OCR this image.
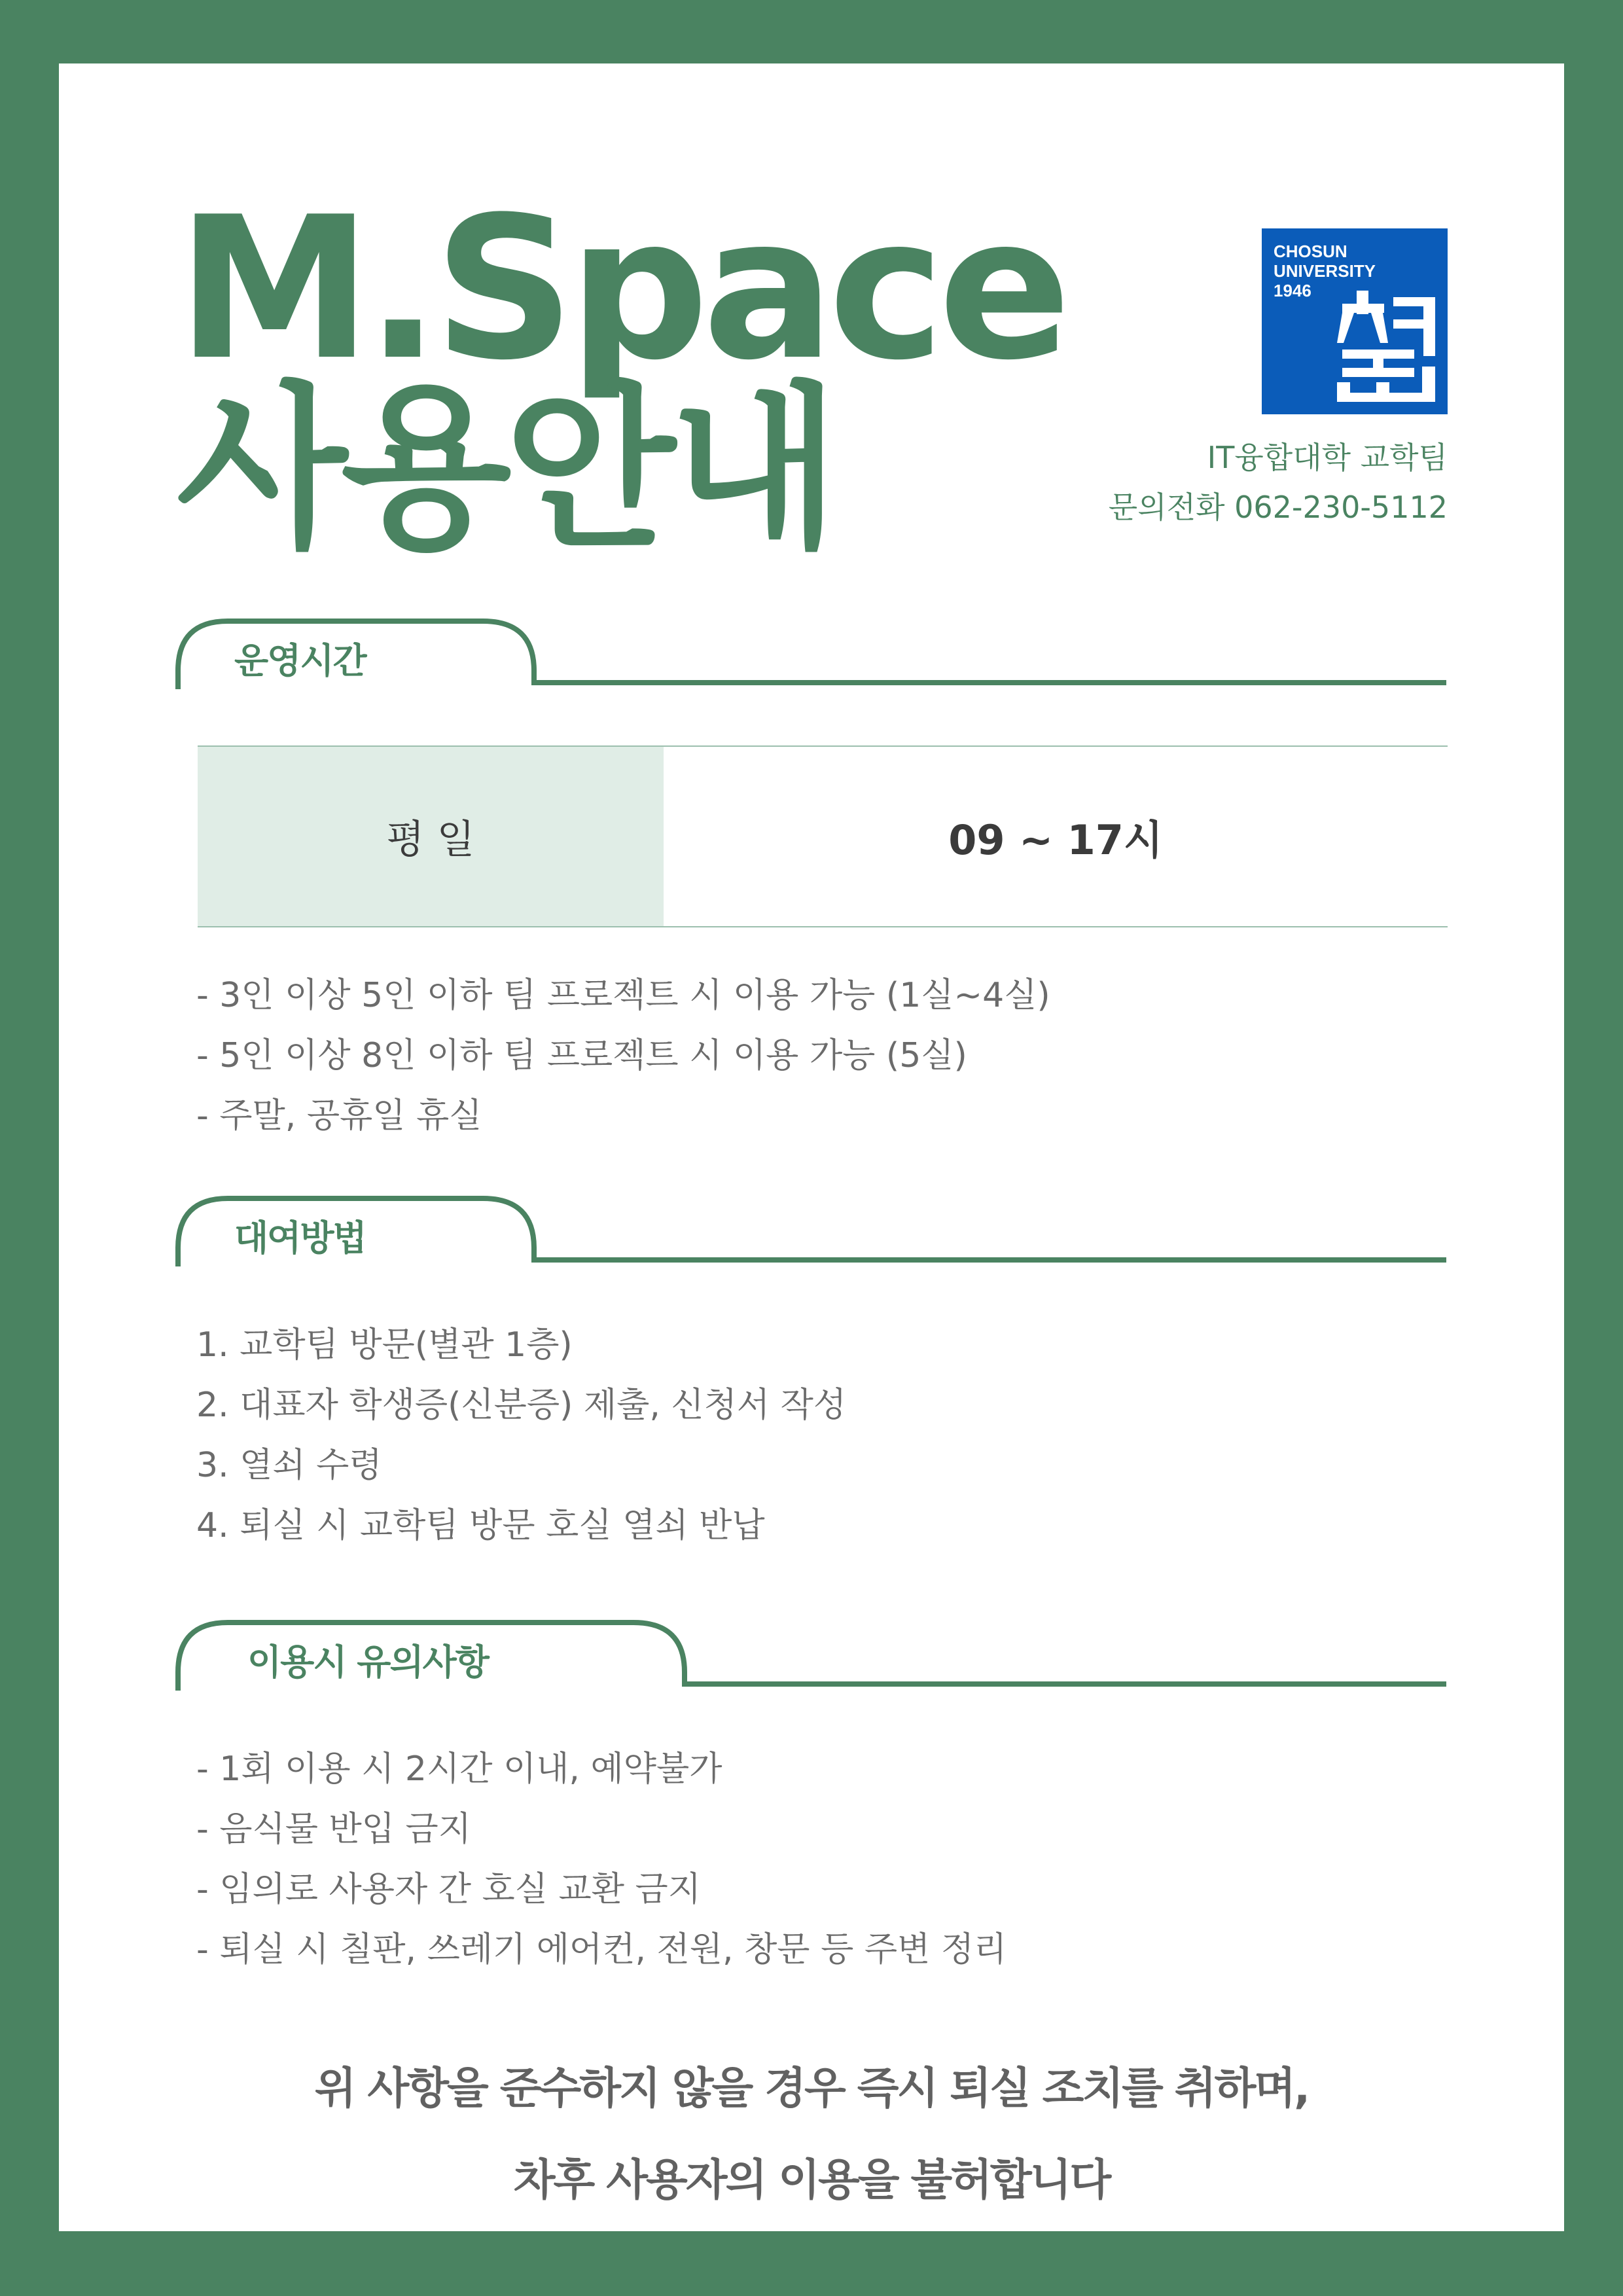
M.Space
사용안내
CHOSUN
UNIVERSITY
1946
IT융합대학 교학팀
문의전화 062-230-5112
운영시간
평 일	09 ~ 17시
- 3인 이상 5인 이하 팀 프로젝트 시 이용 가능 (1실~4실)
- 5인 이상 8인 이하 팀 프로젝트 시 이용 가능 (5실)
- 주말, 공휴일 휴실
대여방법
1. 교학팀 방문(별관 1층)
2. 대표자 학생증(신분증) 제출, 신청서 작성
3. 열쇠 수령
4. 퇴실 시 교학팀 방문 호실 열쇠 반납
이용시 유의사항
- 1회 이용 시 2시간 이내, 예약불가
- 음식물 반입 금지
- 임의로 사용자 간 호실 교환 금지
- 퇴실 시 칠판, 쓰레기 에어컨, 전원, 창문 등 주변 정리
위 사항을 준수하지 않을 경우 즉시 퇴실 조치를 취하며,
차후 사용자의 이용을 불허합니다
